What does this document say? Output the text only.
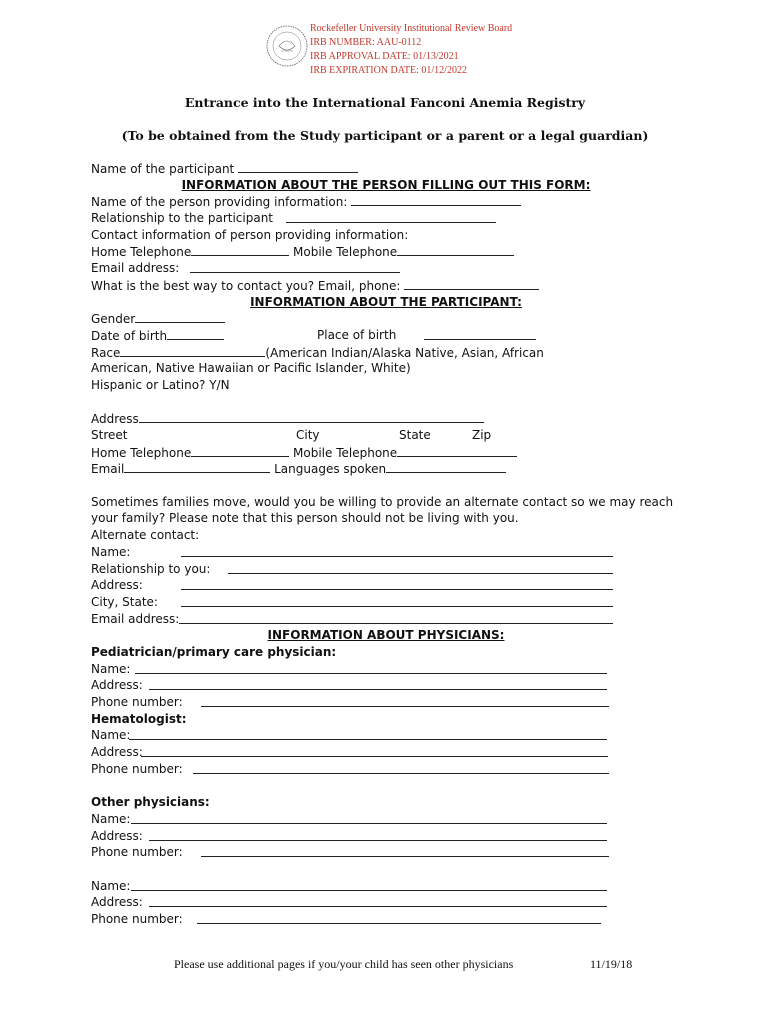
Rockefeller University Institutional Review Board
IRB NUMBER: AAU-0112
IRB APPROVAL DATE: 01/13/2021
IRB EXPIRATION DATE: 01/12/2022
Entrance into the International Fanconi Anemia Registry
(To be obtained from the Study participant or a parent or a legal guardian)
Name of the participant
INFORMATION ABOUT THE PERSON FILLING OUT THIS FORM:
Name of the person providing information:
Relationship to the participant
Contact information of person providing information:
Home Telephone	Mobile Telephone
Email address:
What is the best way to contact you? Email, phone:
INFORMATION ABOUT THE PARTICIPANT:
Gender
Date of birth	Place of birth
Race	(American Indian/Alaska Native, Asian, African
American, Native Hawaiian or Pacific Islander, White)
Hispanic or Latino? Y/N
Address
Street	City	State	Zip
Home Telephone	Mobile Telephone
Email	Languages spoken
Sometimes families move, would you be willing to provide an alternate contact so we may reach
your family? Please note that this person should not be living with you.
Alternate contact:
Name:
Relationship to you:
Address:
City, State:
Email address:
INFORMATION ABOUT PHYSICIANS:
Pediatrician/primary care physician:
Name:
Address:
Phone number:
Hematologist:
Name:
Address:
Phone number:
Other physicians:
Name:
Address:
Phone number:
Name:
Address:
Phone number:
Please use additional pages if you/your child has seen other physicians	11/19/18
